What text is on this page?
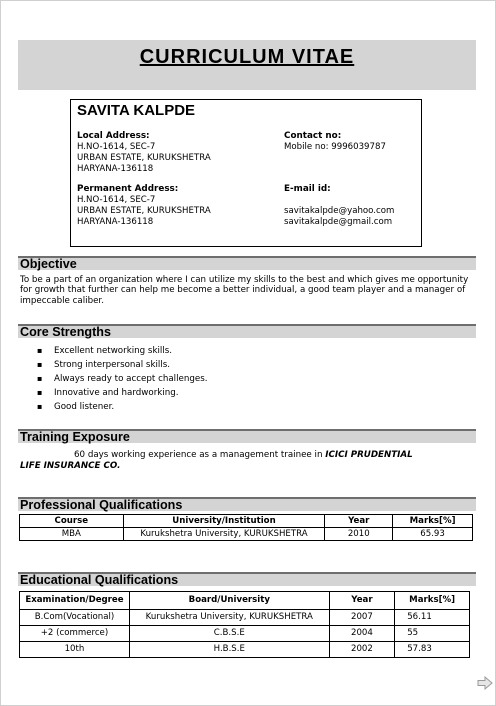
CURRICULUM VITAE
SAVITA KALPDE
Local Address:
H.NO-1614, SEC-7
URBAN ESTATE, KURUKSHETRA
HARYANA-136118
Permanent Address:
H.NO-1614, SEC-7
URBAN ESTATE, KURUKSHETRA
HARYANA-136118
Contact no:
Mobile no: 9996039787
E-mail id:
savitakalpde@yahoo.com
savitakalpde@gmail.com
Objective
To be a part of an organization where I can utilize my skills to the best and which gives me opportunity for growth that further can help me become a better individual, a good team player and a manager of impeccable caliber.
Core Strengths
▪ Excellent networking skills.
▪ Strong interpersonal skills.
▪ Always ready to accept challenges.
▪ Innovative and hardworking.
▪ Good listener.
Training Exposure
60 days working experience as a management trainee in ICICI PRUDENTIAL
LIFE INSURANCE CO.
Professional Qualifications
Course	University/Institution	Year	Marks[%]
MBA	Kurukshetra University, KURUKSHETRA	2010	65.93
Educational Qualifications
Examination/Degree	Board/University	Year	Marks[%]
B.Com(Vocational)	Kurukshetra University, KURUKSHETRA	2007	56.11
+2 (commerce)	C.B.S.E	2004	55
10th	H.B.S.E	2002	57.83
